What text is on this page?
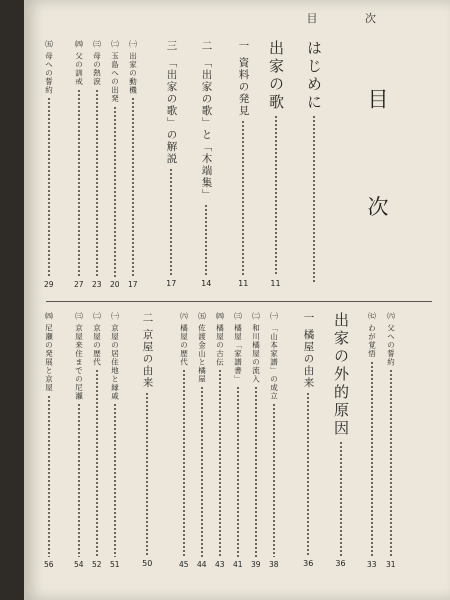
目 次
目 次
はじめに
出家の歌
11
一 資料の発見
11
二 「出家の歌」と「木端集」
14
三 「出家の歌」の解説
17
㈠ 出家の動機
17
㈡ 玉島への出発
20
㈢ 母の熱涙
23
㈣ 父の訓戒
27
㈤ 母への誓約
29
㈥ 父への誓約
31
㈦ わが覚悟
33
出家の外的原因
36
一 橘屋の由来
36
㈠ 「山本家譜」の成立
38
㈡ 和川橘屋の流入
39
㈢ 橘屋「家譜書」
41
㈣ 橘屋の古伝
43
㈤ 佐渡金山と橘屋
44
㈥ 橘屋の歴代
45
二 京屋の由来
50
㈠ 京屋の居住地と縁戚
51
㈡ 京屋の歴代
52
㈢ 京屋来住までの尼瀬
54
㈣ 尼瀬の発展と京屋
56
